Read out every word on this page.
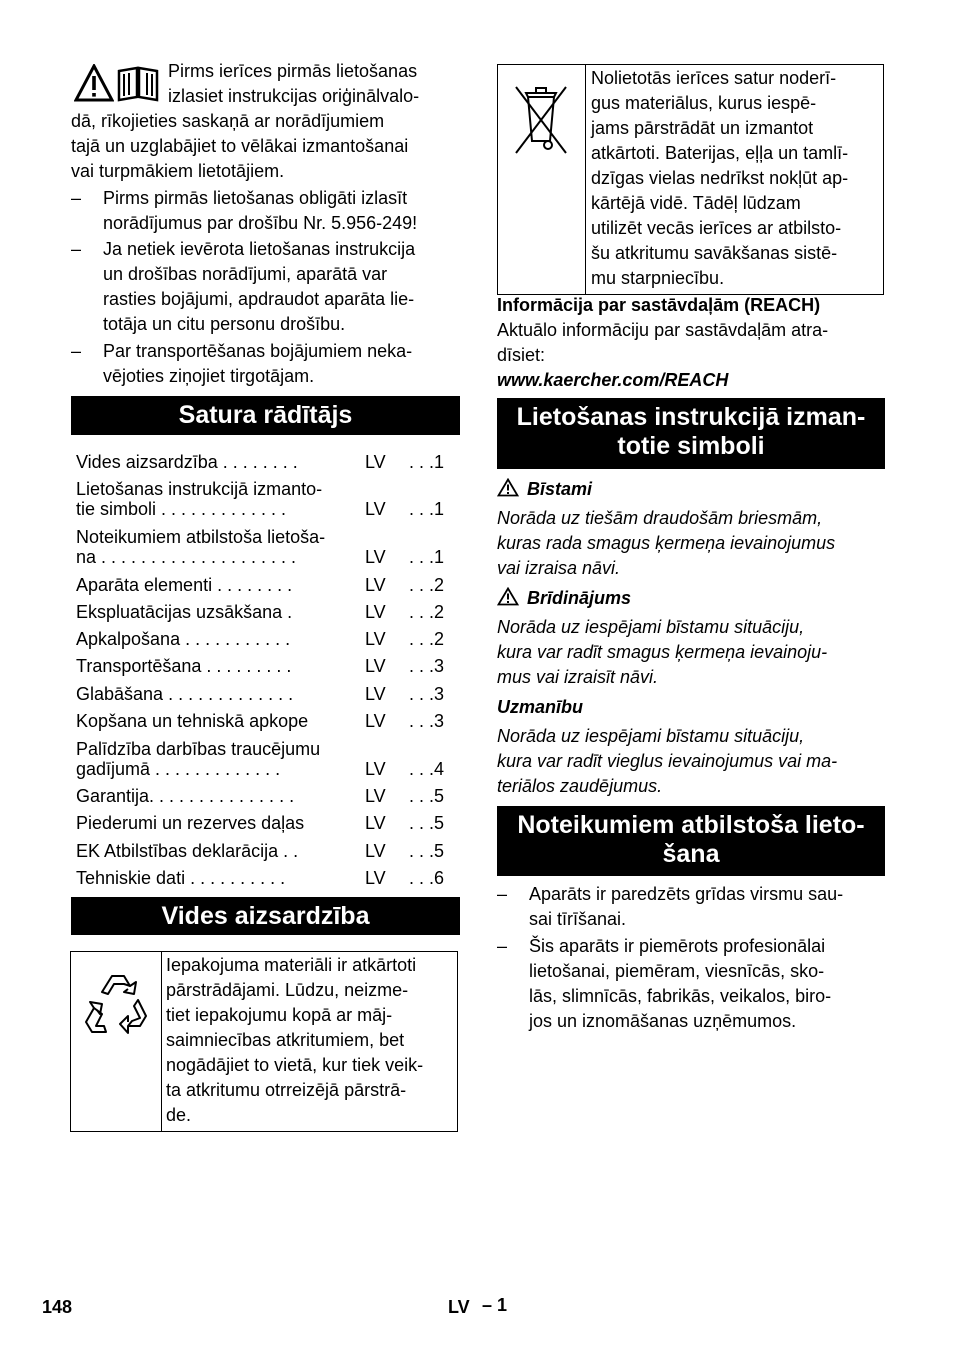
Pirms ierīces pirmās lietošanas
izlasiet instrukcijas oriģinālvalo-
dā, rīkojieties saskaņā ar norādījumiem
tajā un uzglabājiet to vēlākai izmantošanai
vai turpmākiem lietotājiem.
– Pirms pirmās lietošanas obligāti izlasīt
norādījumus par drošību Nr. 5.956-249!
– Ja netiek ievērota lietošanas instrukcija
un drošības norādījumi, aparātā var
rasties bojājumi, apdraudot aparāta lie-
totāja un citu personu drošību.
– Par transportēšanas bojājumiem neka-
vējoties ziņojiet tirgotājam.
Satura rādītājs
Vides aizsardzība . . . . . . . .	LV . . .1
Lietošanas instrukcijā izmanto-
tie simboli . . . . . . . . . . . . .	LV . . .1
Noteikumiem atbilstoša lietoša-
na . . . . . . . . . . . . . . . . . . . .	LV . . .1
Aparāta elementi . . . . . . . .	LV . . .2
Ekspluatācijas uzsākšana .	LV . . .2
Apkalpošana . . . . . . . . . . .	LV . . .2
Transportēšana . . . . . . . . .	LV . . .3
Glabāšana . . . . . . . . . . . . .	LV . . .3
Kopšana un tehniskā apkope	LV . . .3
Palīdzība darbības traucējumu
gadījumā . . . . . . . . . . . . .	LV . . .4
Garantija. . . . . . . . . . . . . . .	LV . . .5
Piederumi un rezerves daļas	LV . . .5
EK Atbilstības deklarācija . .	LV . . .5
Tehniskie dati . . . . . . . . . .	LV . . .6
Vides aizsardzība
Iepakojuma materiāli ir atkārtoti
pārstrādājami. Lūdzu, neizme-
tiet iepakojumu kopā ar māj-
saimniecības atkritumiem, bet
nogādājiet to vietā, kur tiek veik-
ta atkritumu otrreizējā pārstrā-
de.
Nolietotās ierīces satur noderī-
gus materiālus, kurus iespē-
jams pārstrādāt un izmantot
atkārtoti. Baterijas, eļļa un tamlī-
dzīgas vielas nedrīkst nokļūt ap-
kārtējā vidē. Tādēļ lūdzam
utilizēt vecās ierīces ar atbilsto-
šu atkritumu savākšanas sistē-
mu starpniecību.
Informācija par sastāvdaļām (REACH)
Aktuālo informāciju par sastāvdaļām atra-
dīsiet:
www.kaercher.com/REACH
Lietošanas instrukcijā izman-
totie simboli
Bīstami
Norāda uz tiešām draudošām briesmām,
kuras rada smagus ķermeņa ievainojumus
vai izraisa nāvi.
Brīdinājums
Norāda uz iespējami bīstamu situāciju,
kura var radīt smagus ķermeņa ievainoju-
mus vai izraisīt nāvi.
Uzmanību
Norāda uz iespējami bīstamu situāciju,
kura var radīt vieglus ievainojumus vai ma-
teriālos zaudējumus.
Noteikumiem atbilstoša lieto-
šana
– Aparāts ir paredzēts grīdas virsmu sau-
sai tīrīšanai.
– Šis aparāts ir piemērots profesionālai
lietošanai, piemēram, viesnīcās, sko-
lās, slimnīcās, fabrikās, veikalos, biro-
jos un iznomāšanas uzņēmumos.
148	LV – 1
